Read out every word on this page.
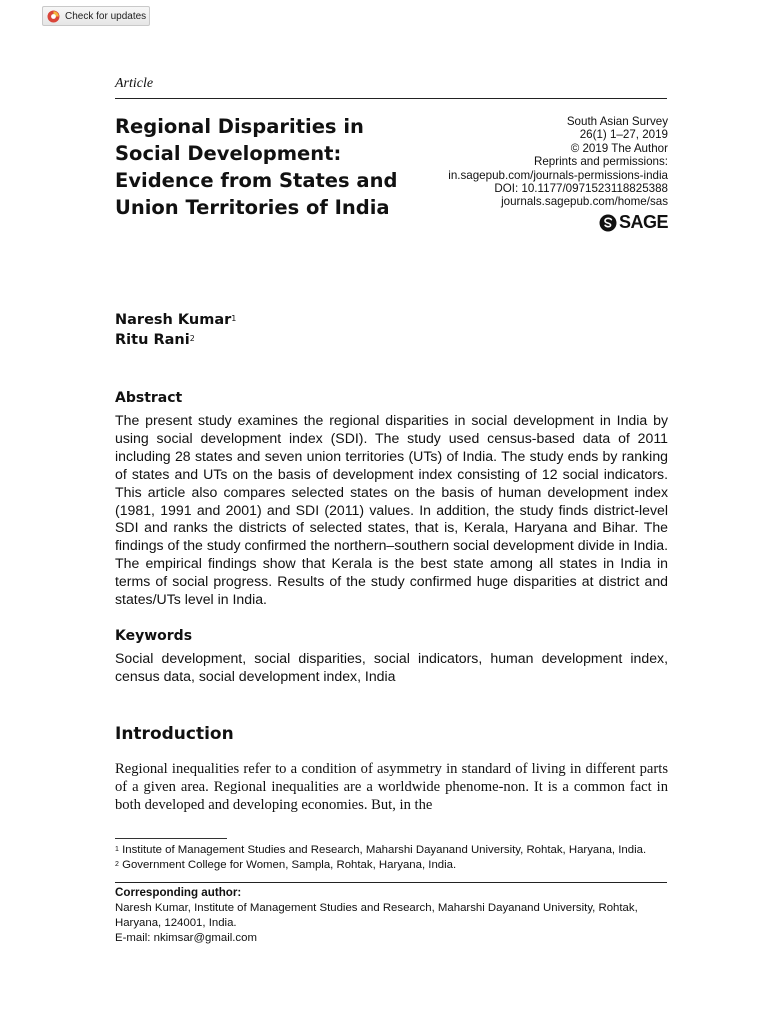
Check for updates
Article
Regional Disparities in Social Development: Evidence from States and Union Territories of India
South Asian Survey
26(1) 1–27, 2019
© 2019 The Author
Reprints and permissions:
in.sagepub.com/journals-permissions-india
DOI: 10.1177/0971523118825388
journals.sagepub.com/home/sas
SAGE
Naresh Kumar$^1$
Ritu Rani$^2$
Abstract

The present study examines the regional disparities in social development in India by using social development index (SDI). The study used census-based data of 2011 including 28 states and seven union territories (UTs) of India. The study ends by ranking of states and UTs on the basis of development index consisting of 12 social indicators. This article also compares selected states on the basis of human development index (1981, 1991 and 2001) and SDI (2011) values. In addition, the study finds district-level SDI and ranks the districts of selected states, that is, Kerala, Haryana and Bihar. The findings of the study confirmed the northern–southern social development divide in India. The empirical findings show that Kerala is the best state among all states in India in terms of social progress. Results of the study confirmed huge disparities at district and states/UTs level in India.

Keywords

Social development, social disparities, social indicators, human development index, census data, social development index, India

Introduction

Regional inequalities refer to a condition of asymmetry in standard of living in different parts of a given area. Regional inequalities are a worldwide phenome-non. It is a common fact in both developed and developing economies. But, in the

$^1$ Institute of Management Studies and Research, Maharshi Dayanand University, Rohtak, Haryana, India.
$^2$ Government College for Women, Sampla, Rohtak, Haryana, India.
Corresponding author:
Naresh Kumar, Institute of Management Studies and Research, Maharshi Dayanand University, Rohtak, Haryana, 124001, India.
E-mail: nkimsar@gmail.com
